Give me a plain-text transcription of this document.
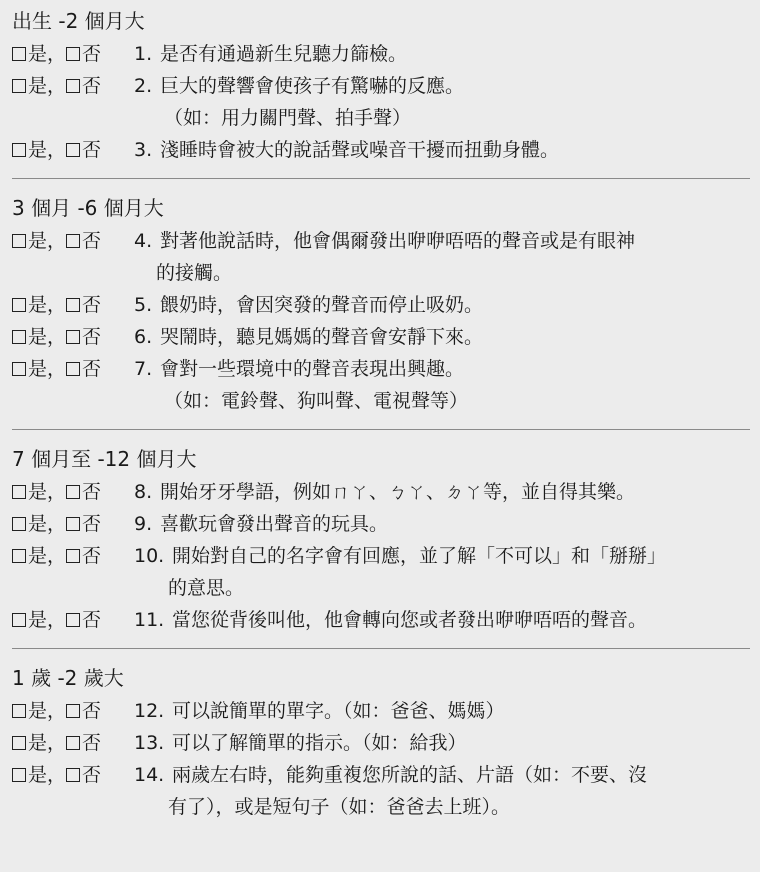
出生 -2 個月大
是， 否	1. 是否有通過新生兒聽力篩檢。
是， 否	2. 巨大的聲響會使孩子有驚嚇的反應。
（如：用力關門聲、拍手聲）
是， 否	3. 淺睡時會被大的說話聲或噪音干擾而扭動身體。
3 個月 -6 個月大
是， 否	4. 對著他說話時，他會偶爾發出咿咿唔唔的聲音或是有眼神
的接觸。
是， 否	5. 餵奶時，會因突發的聲音而停止吸奶。
是， 否	6. 哭鬧時，聽見媽媽的聲音會安靜下來。
是， 否	7. 會對一些環境中的聲音表現出興趣。
（如：電鈴聲、狗叫聲、電視聲等）
7 個月至 -12 個月大
是， 否	8. 開始牙牙學語，例如ㄇㄚ、ㄅㄚ、ㄉㄚ等，並自得其樂。
是， 否	9. 喜歡玩會發出聲音的玩具。
是， 否	10. 開始對自己的名字會有回應，並了解「不可以」和「掰掰」
的意思。
是， 否	11. 當您從背後叫他，他會轉向您或者發出咿咿唔唔的聲音。
1 歲 -2 歲大
是， 否	12. 可以說簡單的單字。（如：爸爸、媽媽）
是， 否	13. 可以了解簡單的指示。（如：給我）
是， 否	14. 兩歲左右時，能夠重複您所說的話、片語（如：不要、沒
有了），或是短句子（如：爸爸去上班）。
